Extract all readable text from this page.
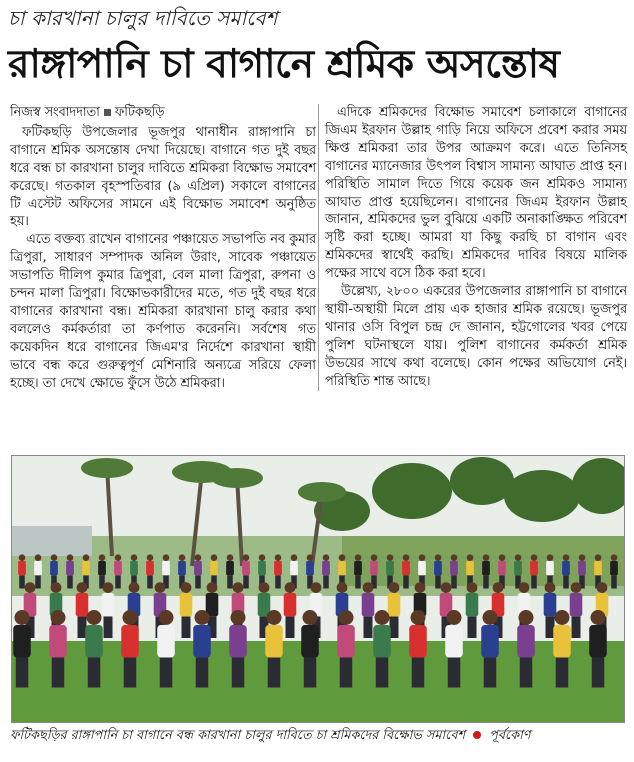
চা কারখানা চালুর দাবিতে সমাবেশ
রাঙ্গাপানি চা বাগানে শ্রমিক অসন্তোষ
নিজস্ব সংবাদদাতা ফটিকছড়ি

ফটিকছড়ি উপজেলার ভূজপুর থানাধীন রাঙ্গাপানি চা বাগানে শ্রমিক অসন্তোষ দেখা দিয়েছে। বাগানে গত দুই বছর ধরে বন্ধ চা কারখানা চালুর দাবিতে শ্রমিকরা বিক্ষোভ সমাবেশ করেছে। গতকাল বৃহস্পতিবার (৯ এপ্রিল) সকালে বাগানের টি এস্টেট অফিসের সামনে এই বিক্ষোভ সমাবেশ অনুষ্ঠিত হয়।

এতে বক্তব্য রাখেন বাগানের পঞ্চায়েত সভাপতি নব কুমার ত্রিপুরা, সাধারণ সম্পাদক অনিল উরাং, সাবেক পঞ্চায়েত সভাপতি দীলিপ কুমার ত্রিপুরা, বেল মালা ত্রিপুরা, রুপনা ও চন্দন মালা ত্রিপুরা। বিক্ষোভকারীদের মতে, গত দুই বছর ধরে বাগানের কারখানা বন্ধ। শ্রমিকরা কারখানা চালু করার কথা বললেও কর্মকর্তারা তা কর্ণপাত করেননি। সর্বশেষ গত কয়েকদিন ধরে বাগানের জিএম'র নির্দেশে কারখানা স্থায়ী ভাবে বন্ধ করে গুরুত্বপূর্ণ মেশিনারি অন্যত্রে সরিয়ে ফেলা হচ্ছে। তা দেখে ক্ষোভে ফুঁসে উঠে শ্রমিকরা।

এদিকে শ্রমিকদের বিক্ষোভ সমাবেশ চলাকালে বাগানের জিএম ইরফান উল্লাহ গাড়ি নিয়ে অফিসে প্রবেশ করার সময় ক্ষিপ্ত শ্রমিকরা তার উপর আক্রমণ করে। এতে তিনিসহ বাগানের ম্যানেজার উৎপল বিশ্বাস সামান্য আঘাত প্রাপ্ত হন। পরিস্থিতি সামাল দিতে গিয়ে কয়েক জন শ্রমিকও সামান্য আঘাত প্রাপ্ত হয়েছিলেন। বাগানের জিএম ইরফান উল্লাহ জানান, শ্রমিকদের ভুল বুঝিয়ে একটি অনাকাঙ্ক্ষিত পরিবেশ সৃষ্টি করা হচ্ছে। আমরা যা কিছু করছি চা বাগান এবং শ্রমিকদের স্বার্থেই করছি। শ্রমিকদের দাবির বিষয়ে মালিক পক্ষের সাথে বসে ঠিক করা হবে।

উল্লেখ্য, ২৮০০ একরের উপজেলার রাঙ্গাপানি চা বাগানে স্থায়ী-অস্থায়ী মিলে প্রায় এক হাজার শ্রমিক রয়েছে। ভূজপুর থানার ওসি বিপুল চন্দ্র দে জানান, হট্টগোলের খবর পেয়ে পুলিশ ঘটনাস্থলে যায়। পুলিশ বাগানের কর্মকর্তা শ্রমিক উভয়ের সাথে কথা বলেছে। কোন পক্ষের অভিযোগ নেই। পরিস্থিতি শান্ত আছে।

ফটিকছড়ির রাঙ্গাপানি চা বাগানে বন্ধ কারখানা চালুর দাবিতে চা শ্রমিকদের বিক্ষোভ সমাবেশ পূর্বকোণ
